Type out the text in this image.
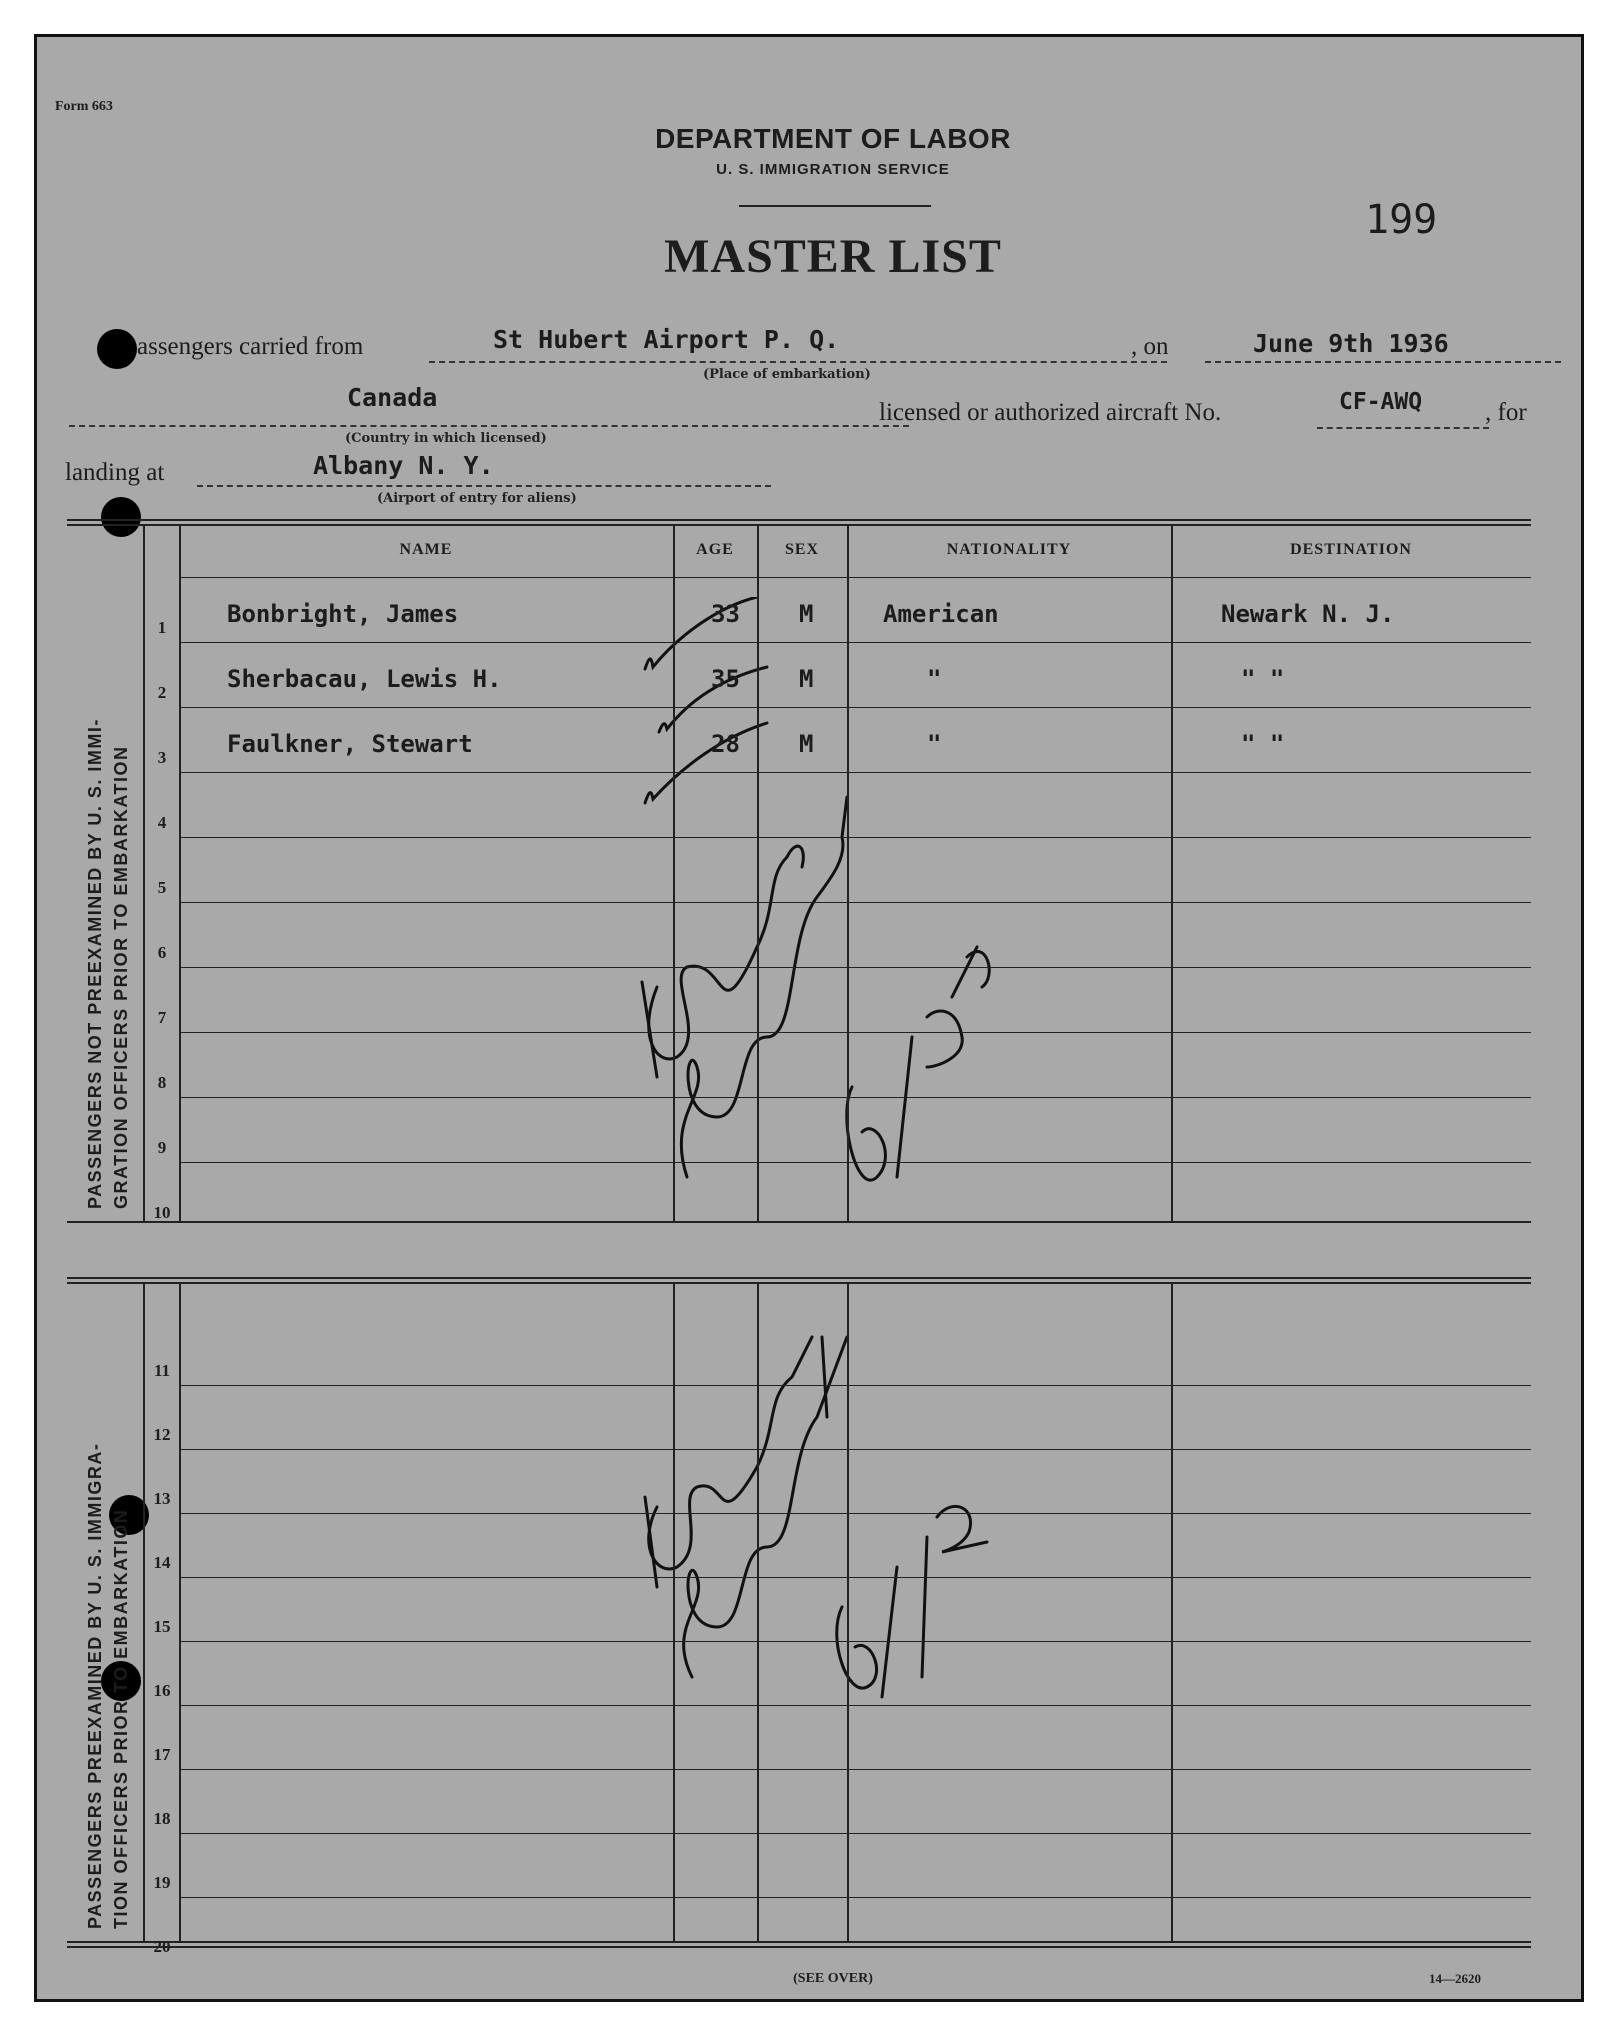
Form 663
DEPARTMENT OF LABOR
U. S. IMMIGRATION SERVICE
MASTER LIST
199
assengers carried from	St Hubert Airport P. Q.
(Place of embarkation)
, on	June 9th 1936
Canada
(Country in which licensed)
licensed or authorized aircraft No.	CF-AWQ	, for
landing at	Albany N. Y.
(Airport of entry for aliens)
6/9/36
6/9/36
(SEE OVER)	14—2620
NAME	AGE	SEX	NATIONALITY	DESTINATION
1	Bonbright, James	33 M	American	Newark N. J.
2	Sherbacau, Lewis H.	35 M	"	" "
3	Faulkner, Stewart	28 M	"	" "
4
5
6
7
8
9
10
PASSENGERS NOT PREEXAMINED BY U. S. IMMI- GRATION OFFICERS PRIOR TO EMBARKATION
11
12
13
14
15
16
17
18
19
20
PASSENGERS PREEXAMINED BY U. S. IMMIGRA- TION OFFICERS PRIOR TO EMBARKATION
